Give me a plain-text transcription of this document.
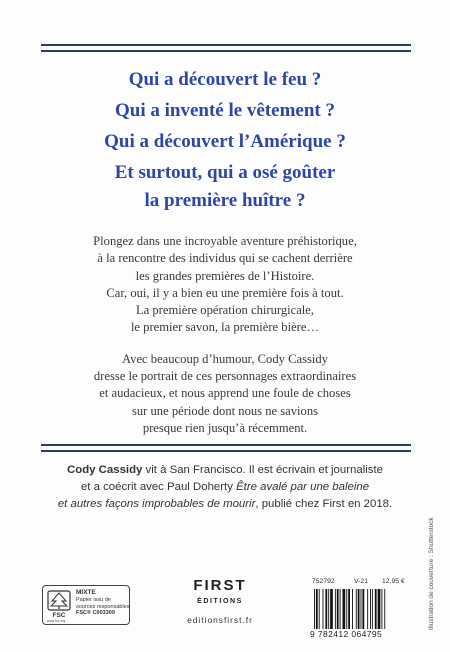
Qui a découvert le feu ?
Qui a inventé le vêtement ?
Qui a découvert l’Amérique ?
Et surtout, qui a osé goûter
la première huître ?

Plongez dans une incroyable aventure préhistorique,
à la rencontre des individus qui se cachent derrière
les grandes premières de l’Histoire.
Car, oui, il y a bien eu une première fois à tout.
La première opération chirurgicale,
le premier savon, la première bière…

Avec beaucoup d’humour, Cody Cassidy
dresse le portrait de ces personnages extraordinaires
et audacieux, et nous apprend une foule de choses
sur une période dont nous ne savions
presque rien jusqu’à récemment.

Cody Cassidy vit à San Francisco. Il est écrivain et journaliste
et a coécrit avec Paul Doherty Être avalé par une baleine
et autres façons improbables de mourir, publié chez First en 2018.
FSC
MIXTE
Papier issu de
sources responsables
FSC® C003309
www.fsc.org
FIRST
ÉDITIONS
editionsfirst.fr
752792	V-21 12,95 €
9 782412 064795
Illustration de couverture : Shutterstock
